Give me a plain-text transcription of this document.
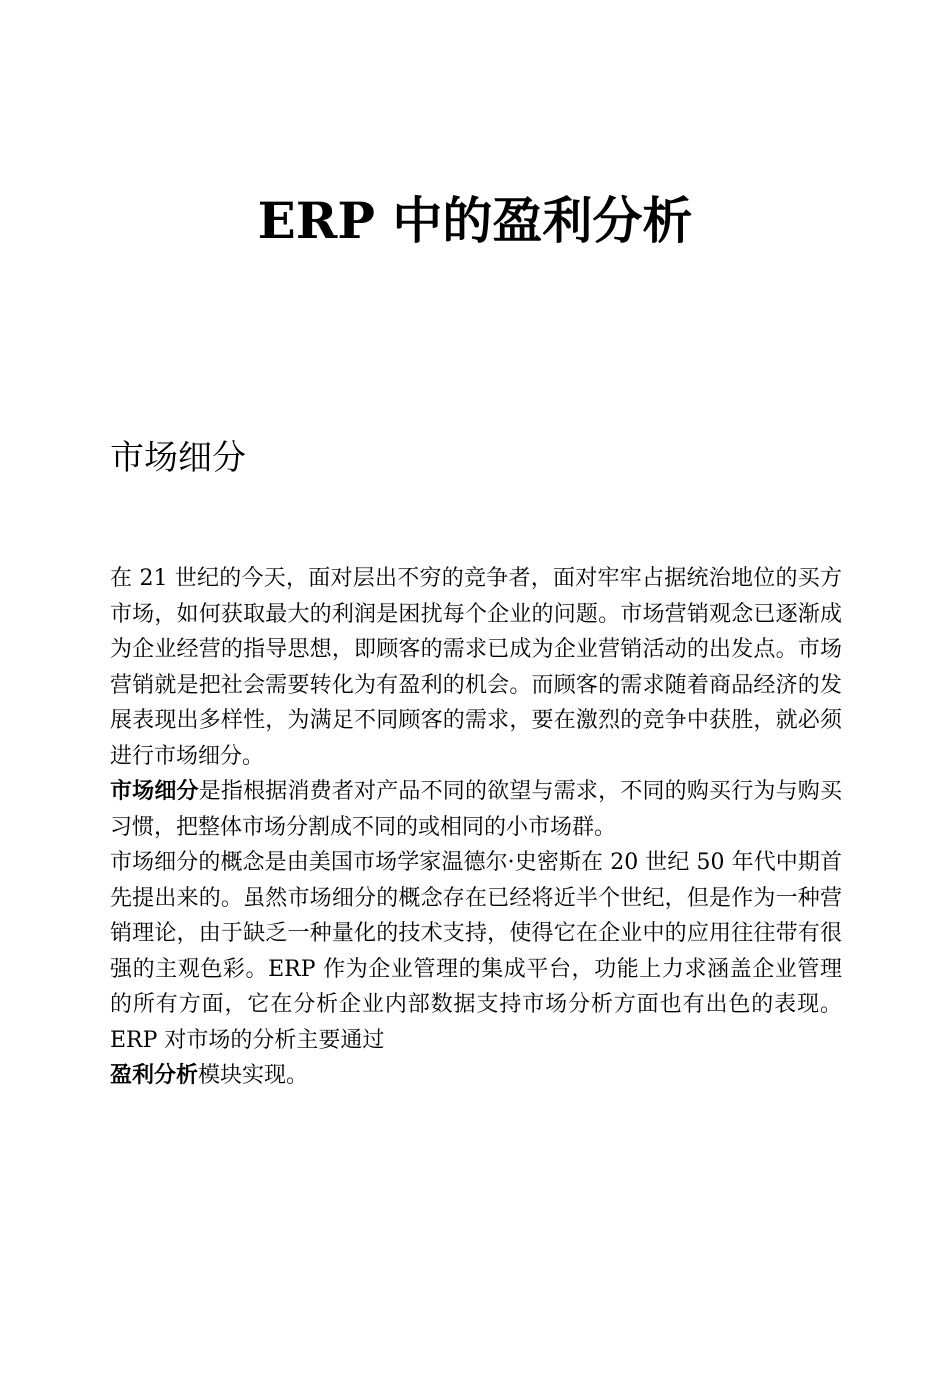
ERP 中的盈利分析
市场细分

在 21 世纪的今天，面对层出不穷的竞争者，面对牢牢占据统治地位的买方市场，如何获取最大的利润是困扰每个企业的问题。市场营销观念已逐渐成为企业经营的指导思想，即顾客的需求已成为企业营销活动的出发点。市场营销就是把社会需要转化为有盈利的机会。而顾客的需求随着商品经济的发展表现出多样性，为满足不同顾客的需求，要在激烈的竞争中获胜，就必须进行市场细分。

市场细分是指根据消费者对产品不同的欲望与需求，不同的购买行为与购买习惯，把整体市场分割成不同的或相同的小市场群。

市场细分的概念是由美国市场学家温德尔·史密斯在 20 世纪 50 年代中期首先提出来的。虽然市场细分的概念存在已经将近半个世纪，但是作为一种营销理论，由于缺乏一种量化的技术支持，使得它在企业中的应用往往带有很强的主观色彩。ERP 作为企业管理的集成平台，功能上力求涵盖企业管理的所有方面，它在分析企业内部数据支持市场分析方面也有出色的表现。ERP 对市场的分析主要通过
盈利分析模块实现。
